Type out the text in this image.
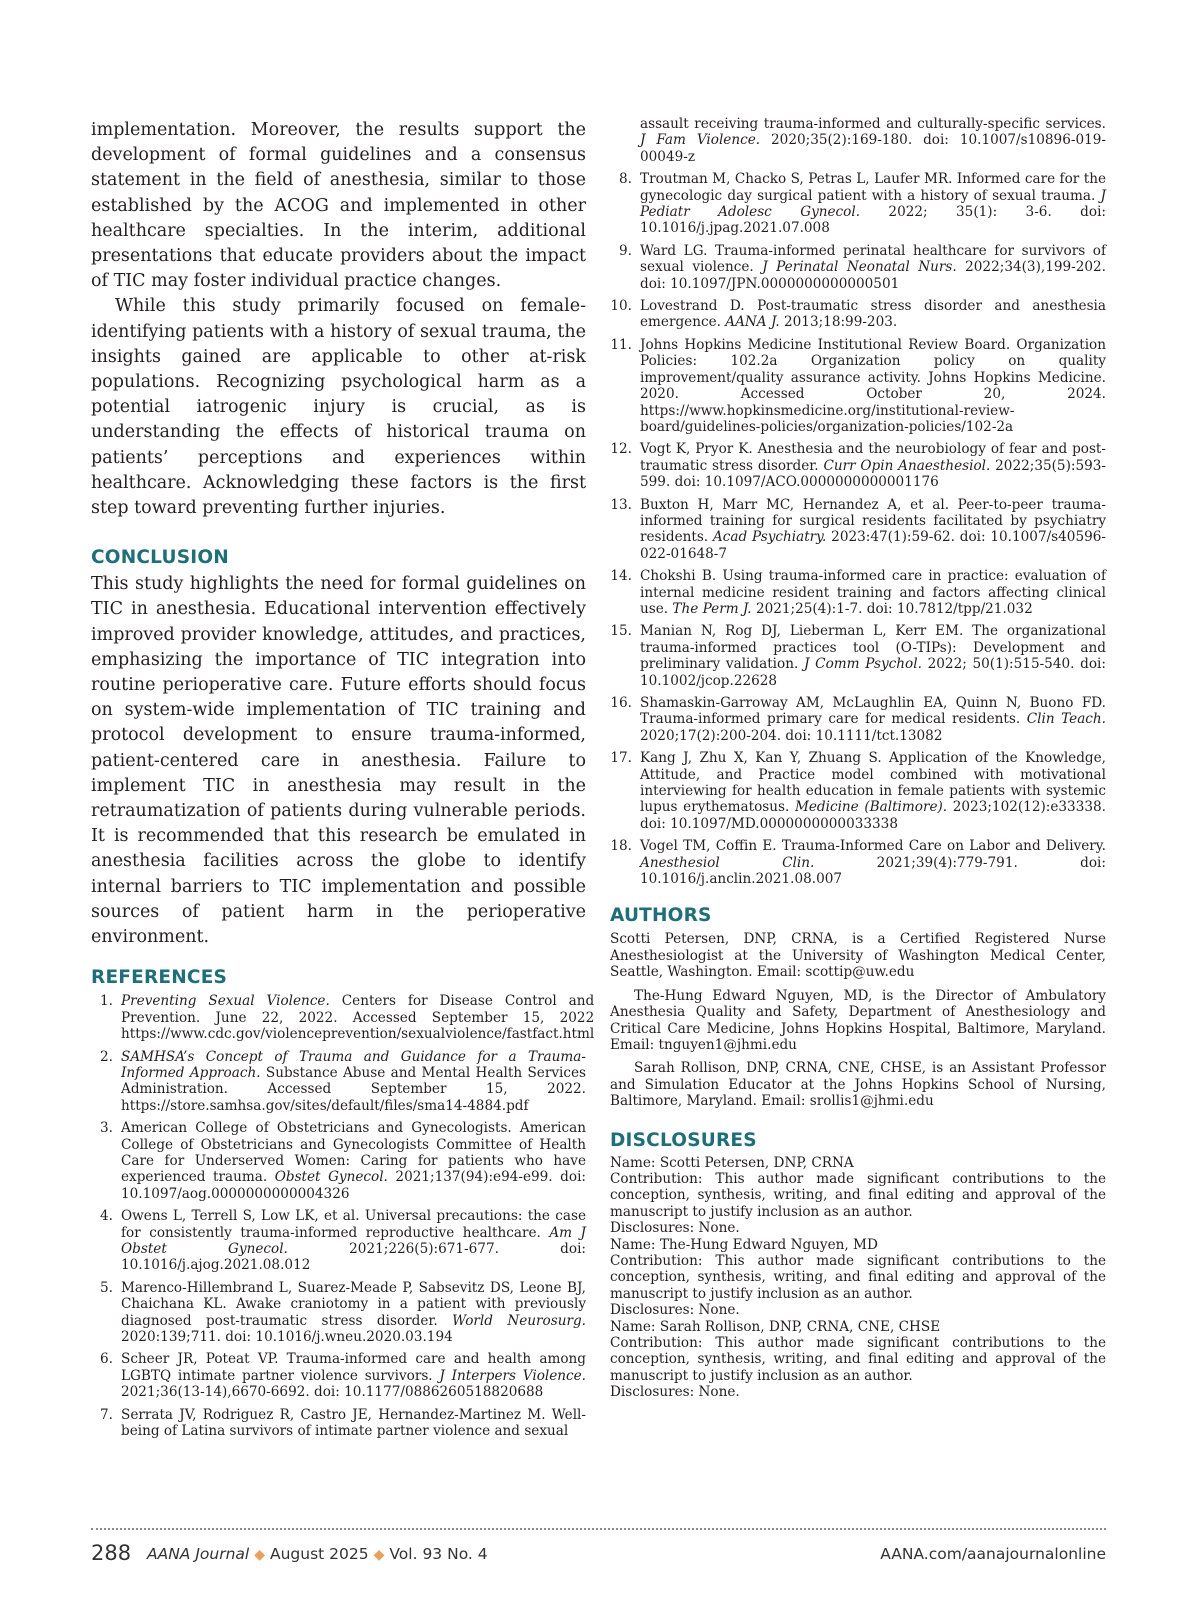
implementation. Moreover, the results support the development of formal guidelines and a consensus statement in the field of anesthesia, similar to those established by the ACOG and implemented in other healthcare specialties. In the interim, additional presentations that educate providers about the impact of TIC may foster individual practice changes.

While this study primarily focused on female-identifying patients with a history of sexual trauma, the insights gained are applicable to other at-risk populations. Recognizing psychological harm as a potential iatrogenic injury is crucial, as is understanding the effects of historical trauma on patients’ perceptions and experiences within healthcare. Acknowledging these factors is the first step toward preventing further injuries.

CONCLUSION

This study highlights the need for formal guidelines on TIC in anesthesia. Educational intervention effectively improved provider knowledge, attitudes, and practices, emphasizing the importance of TIC integration into routine perioperative care. Future efforts should focus on system-wide implementation of TIC training and protocol development to ensure trauma-informed, patient-centered care in anesthesia. Failure to implement TIC in anesthesia may result in the retraumatization of patients during vulnerable periods. It is recommended that this research be emulated in anesthesia facilities across the globe to identify internal barriers to TIC implementation and possible sources of patient harm in the perioperative environment.

REFERENCES
1. Preventing Sexual Violence. Centers for Disease Control and Prevention. June 22, 2022. Accessed September 15, 2022 https://www.cdc.gov/violenceprevention/sexualviolence/fastfact.html
2. SAMHSA’s Concept of Trauma and Guidance for a Trauma-Informed Approach. Substance Abuse and Mental Health Services Administration. Accessed September 15, 2022. https://store.samhsa.gov/sites/default/files/sma14-4884.pdf
3. American College of Obstetricians and Gynecologists. American College of Obstetricians and Gynecologists Committee of Health Care for Underserved Women: Caring for patients who have experienced trauma. Obstet Gynecol. 2021;137(94):e94-e99. doi: 10.1097/aog.0000000000004326
4. Owens L, Terrell S, Low LK, et al. Universal precautions: the case for consistently trauma-informed reproductive healthcare. Am J Obstet Gynecol. 2021;226(5):671-677. doi: 10.1016/j.ajog.2021.08.012
5. Marenco-Hillembrand L, Suarez-Meade P, Sabsevitz DS, Leone BJ, Chaichana KL. Awake craniotomy in a patient with previously diagnosed post-traumatic stress disorder. World Neurosurg. 2020:139;711. doi: 10.1016/j.wneu.2020.03.194
6. Scheer JR, Poteat VP. Trauma-informed care and health among LGBTQ intimate partner violence survivors. J Interpers Violence. 2021;36(13-14),6670-6692. doi: 10.1177/0886260518820688
7. Serrata JV, Rodriguez R, Castro JE, Hernandez-Martinez M. Well-being of Latina survivors of intimate partner violence and sexual
assault receiving trauma-informed and culturally-specific services. J Fam Violence. 2020;35(2):169-180. doi: 10.1007/s10896-019-00049-z
8. Troutman M, Chacko S, Petras L, Laufer MR. Informed care for the gynecologic day surgical patient with a history of sexual trauma. J Pediatr Adolesc Gynecol. 2022; 35(1): 3-6. doi: 10.1016/j.jpag.2021.07.008
9. Ward LG. Trauma-informed perinatal healthcare for survivors of sexual violence. J Perinatal Neonatal Nurs. 2022;34(3),199-202. doi: 10.1097/JPN.0000000000000501
10. Lovestrand D. Post-traumatic stress disorder and anesthesia emergence. AANA J. 2013;18:99-203.
11. Johns Hopkins Medicine Institutional Review Board. Organization Policies: 102.2a Organization policy on quality improvement/quality assurance activity. Johns Hopkins Medicine. 2020. Accessed October 20, 2024. https://www.hopkinsmedicine.org/institutional-review-board/guidelines-policies/organization-policies/102-2a
12. Vogt K, Pryor K. Anesthesia and the neurobiology of fear and post-traumatic stress disorder. Curr Opin Anaesthesiol. 2022;35(5):593-599. doi: 10.1097/ACO.0000000000001176
13. Buxton H, Marr MC, Hernandez A, et al. Peer-to-peer trauma-informed training for surgical residents facilitated by psychiatry residents. Acad Psychiatry. 2023:47(1):59-62. doi: 10.1007/s40596-022-01648-7
14. Chokshi B. Using trauma-informed care in practice: evaluation of internal medicine resident training and factors affecting clinical use. The Perm J. 2021;25(4):1-7. doi: 10.7812/tpp/21.032
15. Manian N, Rog DJ, Lieberman L, Kerr EM. The organizational trauma-informed practices tool (O-TIPs): Development and preliminary validation. J Comm Psychol. 2022; 50(1):515-540. doi: 10.1002/jcop.22628
16. Shamaskin-Garroway AM, McLaughlin EA, Quinn N, Buono FD. Trauma-informed primary care for medical residents. Clin Teach. 2020;17(2):200-204. doi: 10.1111/tct.13082
17. Kang J, Zhu X, Kan Y, Zhuang S. Application of the Knowledge, Attitude, and Practice model combined with motivational interviewing for health education in female patients with systemic lupus erythematosus. Medicine (Baltimore). 2023;102(12):e33338. doi: 10.1097/MD.0000000000033338
18. Vogel TM, Coffin E. Trauma-Informed Care on Labor and Delivery. Anesthesiol Clin. 2021;39(4):779-791. doi: 10.1016/j.anclin.2021.08.007
AUTHORS

Scotti Petersen, DNP, CRNA, is a Certified Registered Nurse Anesthesiologist at the University of Washington Medical Center, Seattle, Washington. Email: scottip@uw.edu

The-Hung Edward Nguyen, MD, is the Director of Ambulatory Anesthesia Quality and Safety, Department of Anesthesiology and Critical Care Medicine, Johns Hopkins Hospital, Baltimore, Maryland. Email: tnguyen1@jhmi.edu

Sarah Rollison, DNP, CRNA, CNE, CHSE, is an Assistant Professor and Simulation Educator at the Johns Hopkins School of Nursing, Baltimore, Maryland. Email: srollis1@jhmi.edu

DISCLOSURES

Name: Scotti Petersen, DNP, CRNA

Contribution: This author made significant contributions to the conception, synthesis, writing, and final editing and approval of the manuscript to justify inclusion as an author.

Disclosures: None.

Name: The-Hung Edward Nguyen, MD

Contribution: This author made significant contributions to the conception, synthesis, writing, and final editing and approval of the manuscript to justify inclusion as an author.

Disclosures: None.

Name: Sarah Rollison, DNP, CRNA, CNE, CHSE

Contribution: This author made significant contributions to the conception, synthesis, writing, and final editing and approval of the manuscript to justify inclusion as an author.

Disclosures: None.

288 AANA Journal ◆ August 2025 ◆ Vol. 93 No. 4	AANA.com/aanajournalonline
